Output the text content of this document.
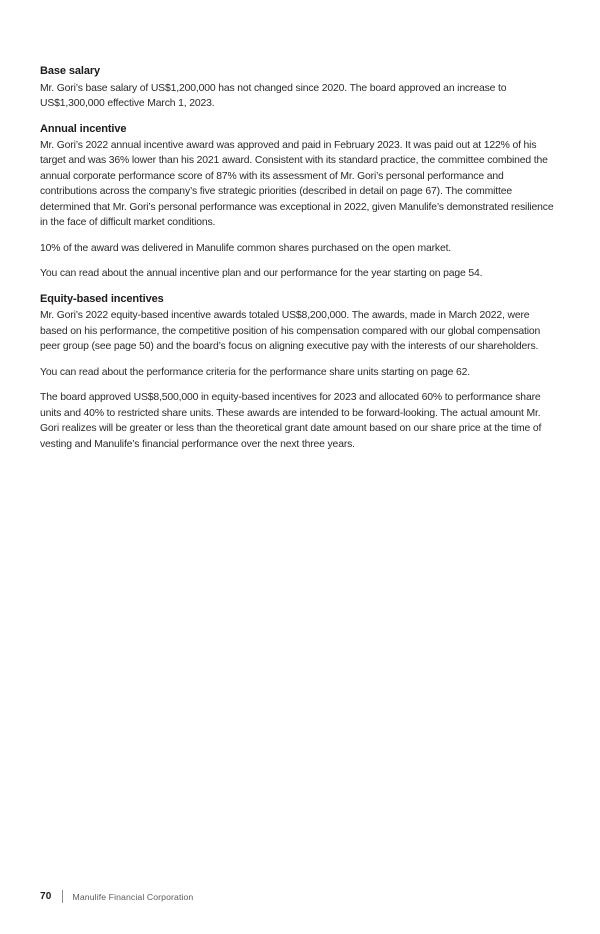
Base salary

Mr. Gori’s base salary of US$1,200,000 has not changed since 2020. The board approved an increase to US$1,300,000 effective March 1, 2023.

Annual incentive

Mr. Gori’s 2022 annual incentive award was approved and paid in February 2023. It was paid out at 122% of his target and was 36% lower than his 2021 award. Consistent with its standard practice, the committee combined the annual corporate performance score of 87% with its assessment of Mr. Gori’s personal performance and contributions across the company’s five strategic priorities (described in detail on page 67). The committee determined that Mr. Gori’s personal performance was exceptional in 2022, given Manulife’s demonstrated resilience in the face of difficult market conditions.

10% of the award was delivered in Manulife common shares purchased on the open market.

You can read about the annual incentive plan and our performance for the year starting on page 54.

Equity-based incentives

Mr. Gori’s 2022 equity-based incentive awards totaled US$8,200,000. The awards, made in March 2022, were based on his performance, the competitive position of his compensation compared with our global compensation peer group (see page 50) and the board’s focus on aligning executive pay with the interests of our shareholders.

You can read about the performance criteria for the performance share units starting on page 62.

The board approved US$8,500,000 in equity-based incentives for 2023 and allocated 60% to performance share units and 40% to restricted share units. These awards are intended to be forward-looking. The actual amount Mr. Gori realizes will be greater or less than the theoretical grant date amount based on our share price at the time of vesting and Manulife’s financial performance over the next three years.

70 Manulife Financial Corporation
